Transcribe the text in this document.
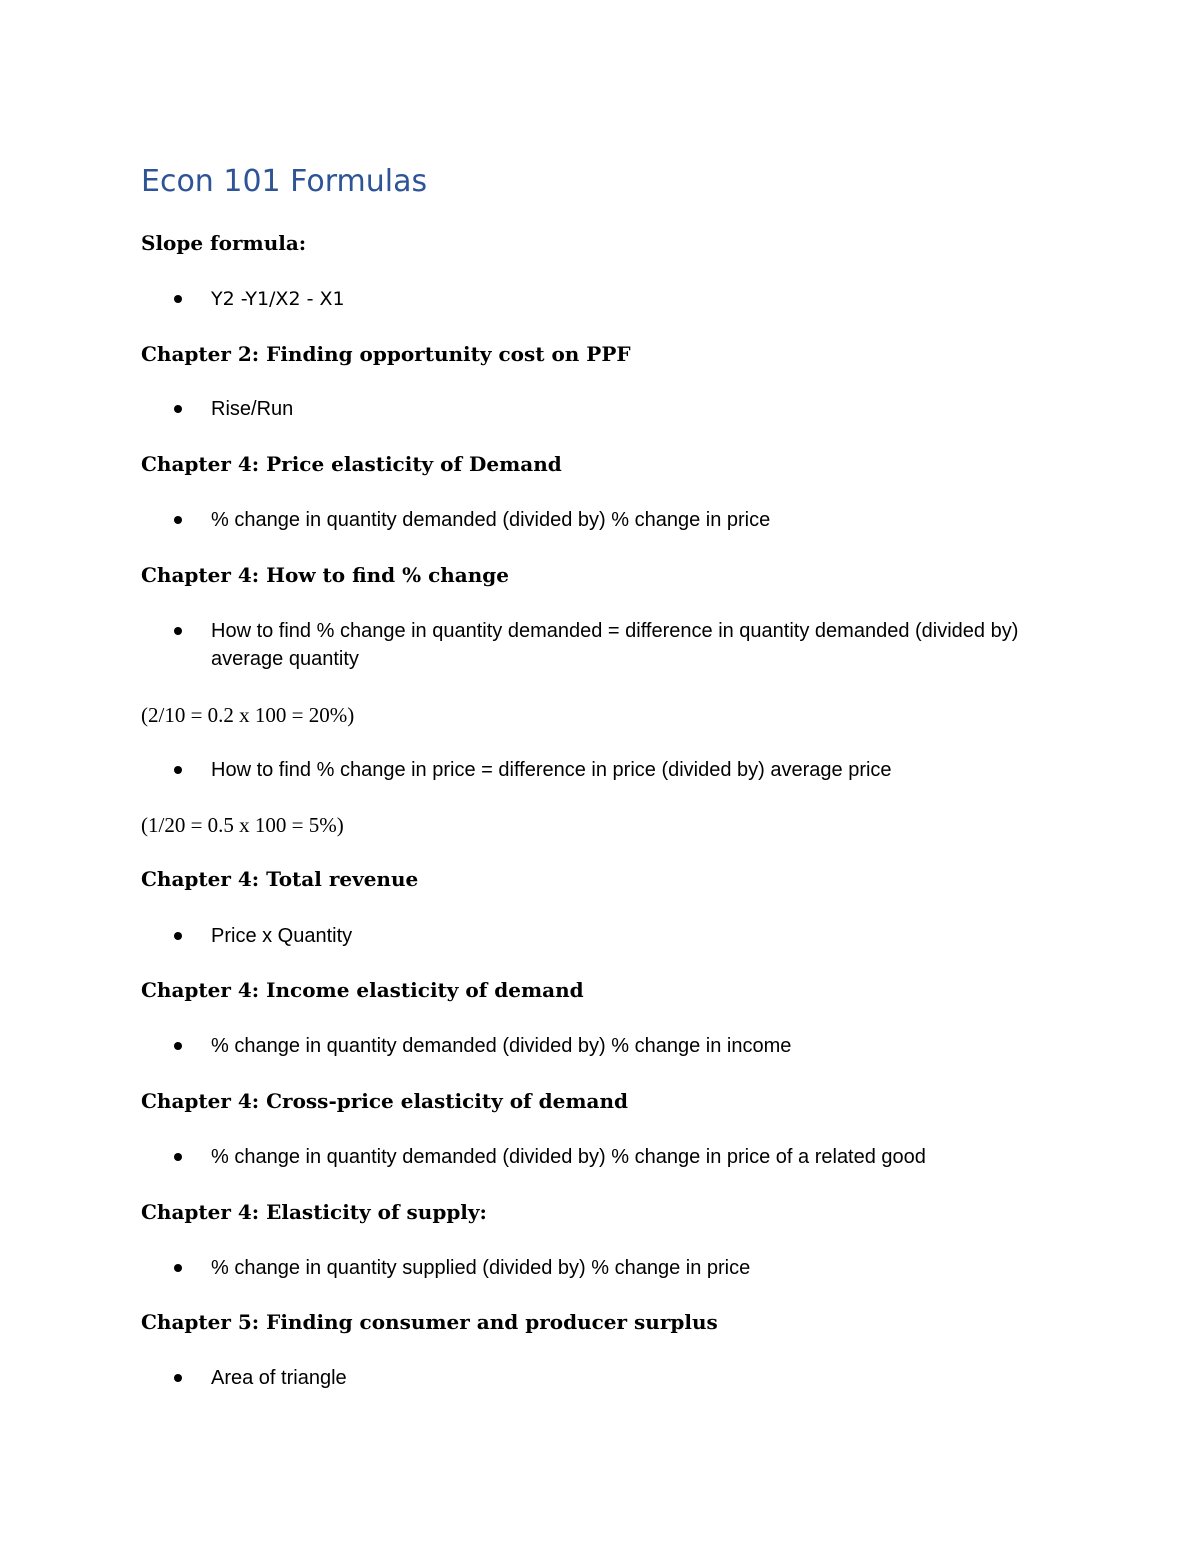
Econ 101 Formulas
Slope formula:
Y2 -Y1/X2 - X1
Chapter 2: Finding opportunity cost on PPF
Rise/Run
Chapter 4: Price elasticity of Demand
% change in quantity demanded (divided by) % change in price
Chapter 4: How to find % change
How to find % change in quantity demanded = difference in quantity demanded (divided by) average quantity
(2/10 = 0.2 x 100 = 20%)
How to find % change in price = difference in price (divided by) average price
(1/20 = 0.5 x 100 = 5%)
Chapter 4: Total revenue
Price x Quantity
Chapter 4: Income elasticity of demand
% change in quantity demanded (divided by) % change in income
Chapter 4: Cross-price elasticity of demand
% change in quantity demanded (divided by) % change in price of a related good
Chapter 4: Elasticity of supply:
% change in quantity supplied (divided by) % change in price
Chapter 5: Finding consumer and producer surplus
Area of triangle
